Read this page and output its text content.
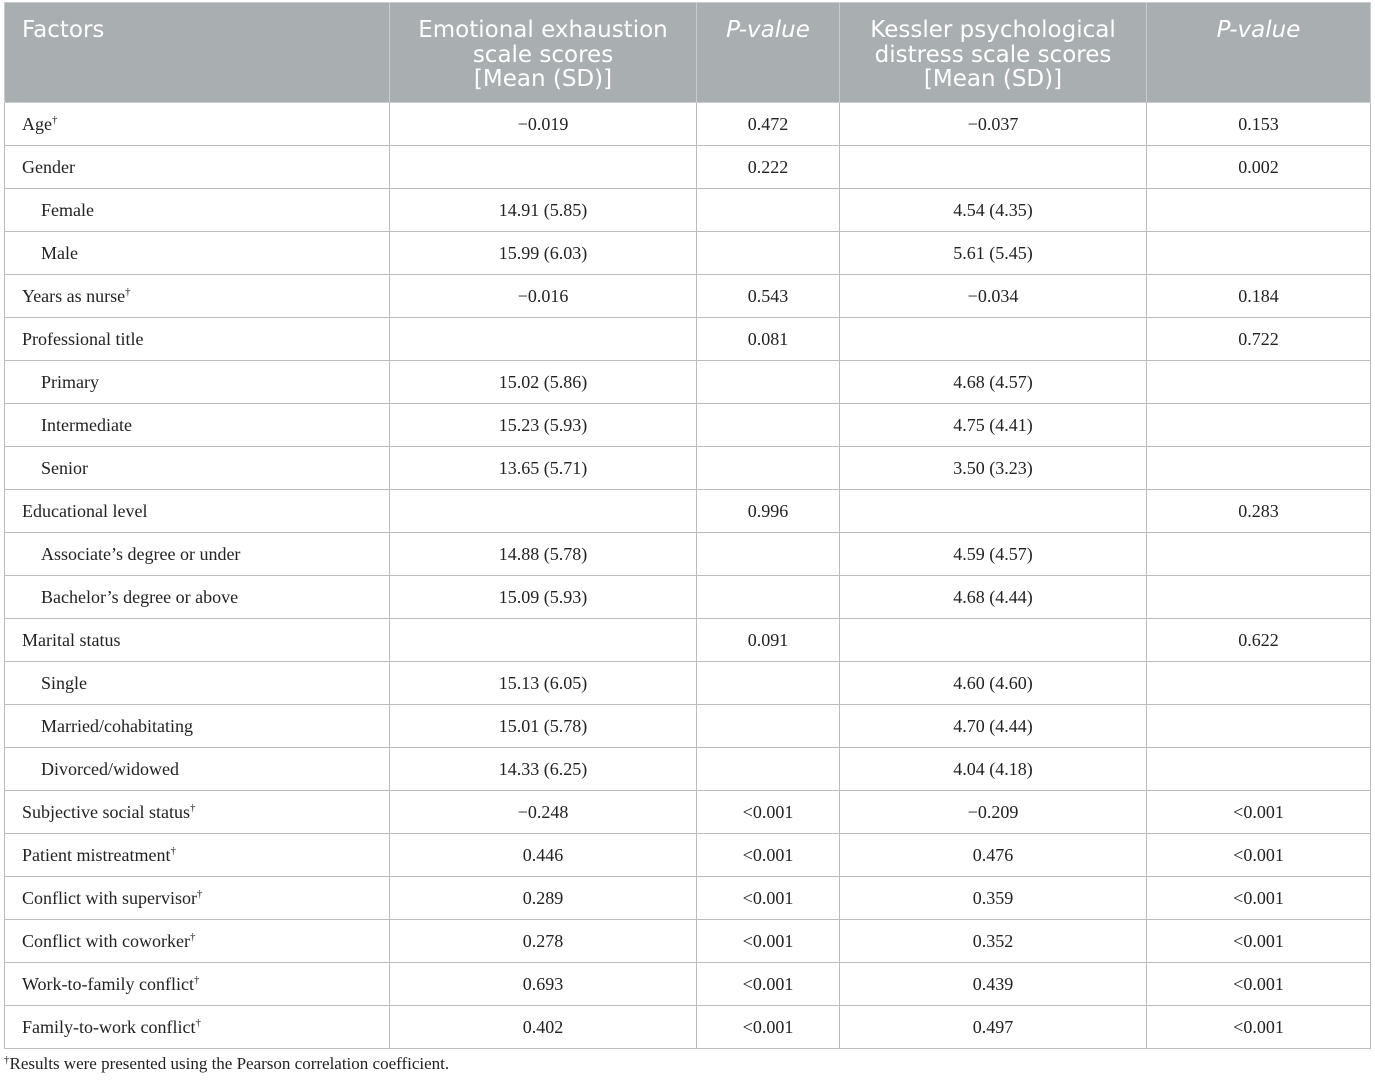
Factors	Emotional exhaustion
scale scores
[Mean (SD)]	P-value	Kessler psychological
distress scale scores
[Mean (SD)]	P-value

Age†	−0.019	0.472	−0.037	0.153
Gender		0.222		0.002
Female	14.91 (5.85)		4.54 (4.35)	
Male	15.99 (6.03)		5.61 (5.45)	
Years as nurse†	−0.016	0.543	−0.034	0.184
Professional title		0.081		0.722
Primary	15.02 (5.86)		4.68 (4.57)	
Intermediate	15.23 (5.93)		4.75 (4.41)	
Senior	13.65 (5.71)		3.50 (3.23)	
Educational level		0.996		0.283
Associate’s degree or under	14.88 (5.78)		4.59 (4.57)	
Bachelor’s degree or above	15.09 (5.93)		4.68 (4.44)	
Marital status		0.091		0.622
Single	15.13 (6.05)		4.60 (4.60)	
Married/cohabitating	15.01 (5.78)		4.70 (4.44)	
Divorced/widowed	14.33 (6.25)		4.04 (4.18)	
Subjective social status†	−0.248	<0.001	−0.209	<0.001
Patient mistreatment†	0.446	<0.001	0.476	<0.001
Conflict with supervisor†	0.289	<0.001	0.359	<0.001
Conflict with coworker†	0.278	<0.001	0.352	<0.001
Work-to-family conflict†	0.693	<0.001	0.439	<0.001
Family-to-work conflict†	0.402	<0.001	0.497	<0.001
†Results were presented using the Pearson correlation coefficient.
